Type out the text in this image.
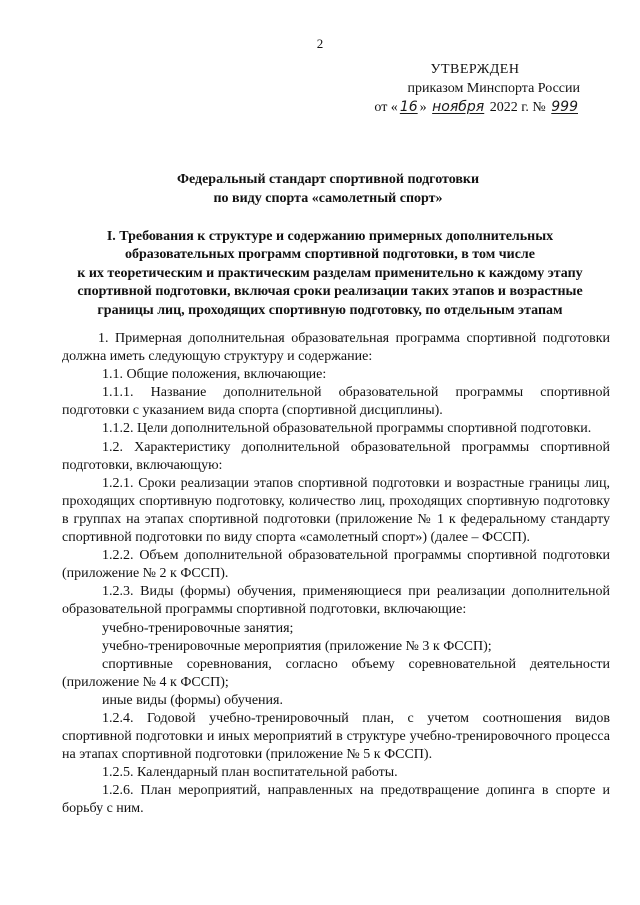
2
УТВЕРЖДЕН
приказом Минспорта России
от « 16 » ноября 2022 г. № 999
Федеральный стандарт спортивной подготовки
по виду спорта «самолетный спорт»
I. Требования к структуре и содержанию примерных дополнительных
образовательных программ спортивной подготовки, в том числе
к их теоретическим и практическим разделам применительно к каждому этапу
спортивной подготовки, включая сроки реализации таких этапов и возрастные
границы лиц, проходящих спортивную подготовку, по отдельным этапам

1. Примерная дополнительная образовательная программа спортивной подготовки должна иметь следующую структуру и содержание:

1.1. Общие положения, включающие:

1.1.1. Название дополнительной образовательной программы спортивной подготовки с указанием вида спорта (спортивной дисциплины).

1.1.2. Цели дополнительной образовательной программы спортивной подготовки.

1.2. Характеристику дополнительной образовательной программы спортивной подготовки, включающую:

1.2.1. Сроки реализации этапов спортивной подготовки и возрастные границы лиц, проходящих спортивную подготовку, количество лиц, проходящих спортивную подготовку в группах на этапах спортивной подготовки (приложение № 1 к федеральному стандарту спортивной подготовки по виду спорта «самолетный спорт») (далее – ФССП).

1.2.2. Объем дополнительной образовательной программы спортивной подготовки (приложение № 2 к ФССП).

1.2.3. Виды (формы) обучения, применяющиеся при реализации дополнительной образовательной программы спортивной подготовки, включающие:

учебно-тренировочные занятия;

учебно-тренировочные мероприятия (приложение № 3 к ФССП);

спортивные соревнования, согласно объему соревновательной деятельности (приложение № 4 к ФССП);

иные виды (формы) обучения.

1.2.4. Годовой учебно-тренировочный план, с учетом соотношения видов спортивной подготовки и иных мероприятий в структуре учебно-тренировочного процесса на этапах спортивной подготовки (приложение № 5 к ФССП).

1.2.5. Календарный план воспитательной работы.

1.2.6. План мероприятий, направленных на предотвращение допинга в спорте и борьбу с ним.
